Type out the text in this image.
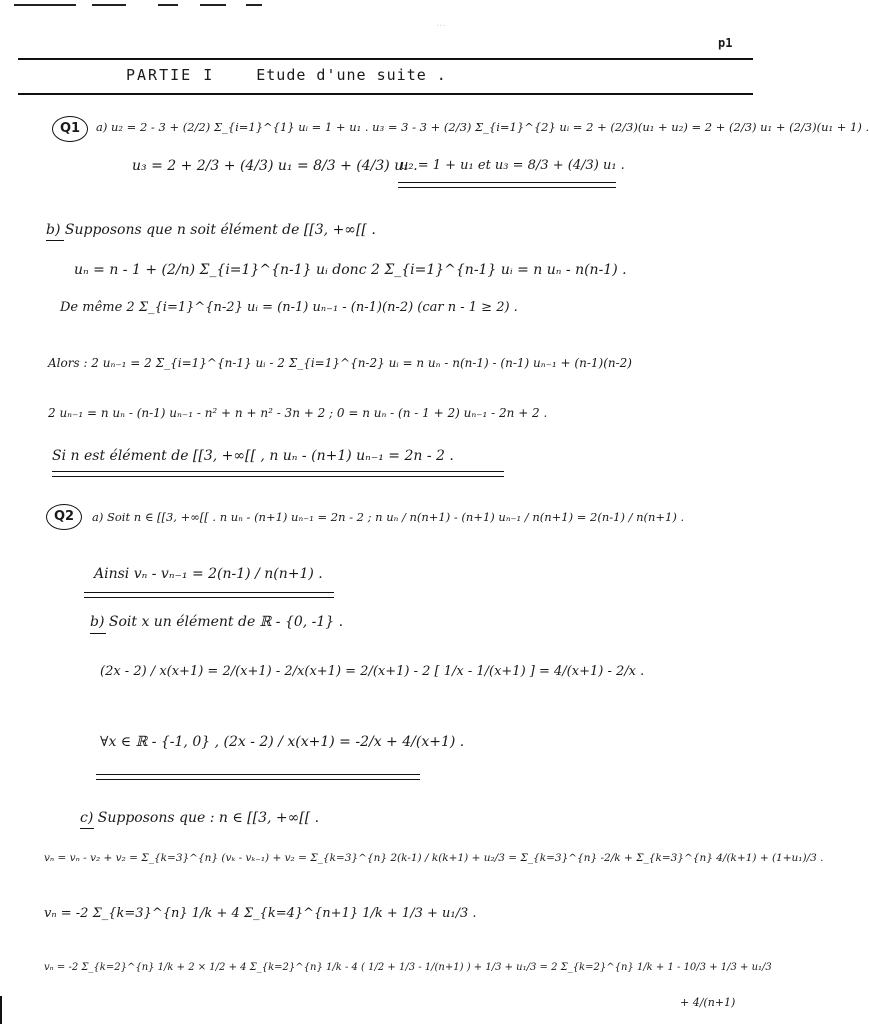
...
p1
PARTIE I	Etude d'une suite .
Q1	a) u₂ = 2 - 3 + (2/2) Σ_{i=1}^{1} uᵢ = 1 + u₁ . u₃ = 3 - 3 + (2/3) Σ_{i=1}^{2} uᵢ = 2 + (2/3)(u₁ + u₂) = 2 + (2/3) u₁ + (2/3)(u₁ + 1) .
u₃ = 2 + 2/3 + (4/3) u₁ = 8/3 + (4/3) u₁ .
u₂ = 1 + u₁ et u₃ = 8/3 + (4/3) u₁ .
b) Supposons que n soit élément de [[3, +∞[[ .
uₙ = n - 1 + (2/n) Σ_{i=1}^{n-1} uᵢ donc 2 Σ_{i=1}^{n-1} uᵢ = n uₙ - n(n-1) .
De même 2 Σ_{i=1}^{n-2} uᵢ = (n-1) uₙ₋₁ - (n-1)(n-2) (car n - 1 ≥ 2) .
Alors : 2 uₙ₋₁ = 2 Σ_{i=1}^{n-1} uᵢ - 2 Σ_{i=1}^{n-2} uᵢ = n uₙ - n(n-1) - (n-1) uₙ₋₁ + (n-1)(n-2)
2 uₙ₋₁ = n uₙ - (n-1) uₙ₋₁ - n² + n + n² - 3n + 2 ; 0 = n uₙ - (n - 1 + 2) uₙ₋₁ - 2n + 2 .
Si n est élément de [[3, +∞[[ , n uₙ - (n+1) uₙ₋₁ = 2n - 2 .
Q2	a) Soit n ∈ [[3, +∞[[ . n uₙ - (n+1) uₙ₋₁ = 2n - 2 ; n uₙ / n(n+1) - (n+1) uₙ₋₁ / n(n+1) = 2(n-1) / n(n+1) .
Ainsi vₙ - vₙ₋₁ = 2(n-1) / n(n+1) .
b) Soit x un élément de ℝ - {0, -1} .
(2x - 2) / x(x+1) = 2/(x+1) - 2/x(x+1) = 2/(x+1) - 2 [ 1/x - 1/(x+1) ] = 4/(x+1) - 2/x .
∀x ∈ ℝ - {-1, 0} , (2x - 2) / x(x+1) = -2/x + 4/(x+1) .
c) Supposons que : n ∈ [[3, +∞[[ .
vₙ = vₙ - v₂ + v₂ = Σ_{k=3}^{n} (vₖ - vₖ₋₁) + v₂ = Σ_{k=3}^{n} 2(k-1) / k(k+1) + u₂/3 = Σ_{k=3}^{n} -2/k + Σ_{k=3}^{n} 4/(k+1) + (1+u₁)/3 .
vₙ = -2 Σ_{k=3}^{n} 1/k + 4 Σ_{k=4}^{n+1} 1/k + 1/3 + u₁/3 .
vₙ = -2 Σ_{k=2}^{n} 1/k + 2 × 1/2 + 4 Σ_{k=2}^{n} 1/k - 4 ( 1/2 + 1/3 - 1/(n+1) ) + 1/3 + u₁/3 = 2 Σ_{k=2}^{n} 1/k + 1 - 10/3 + 1/3 + u₁/3
+ 4/(n+1)
